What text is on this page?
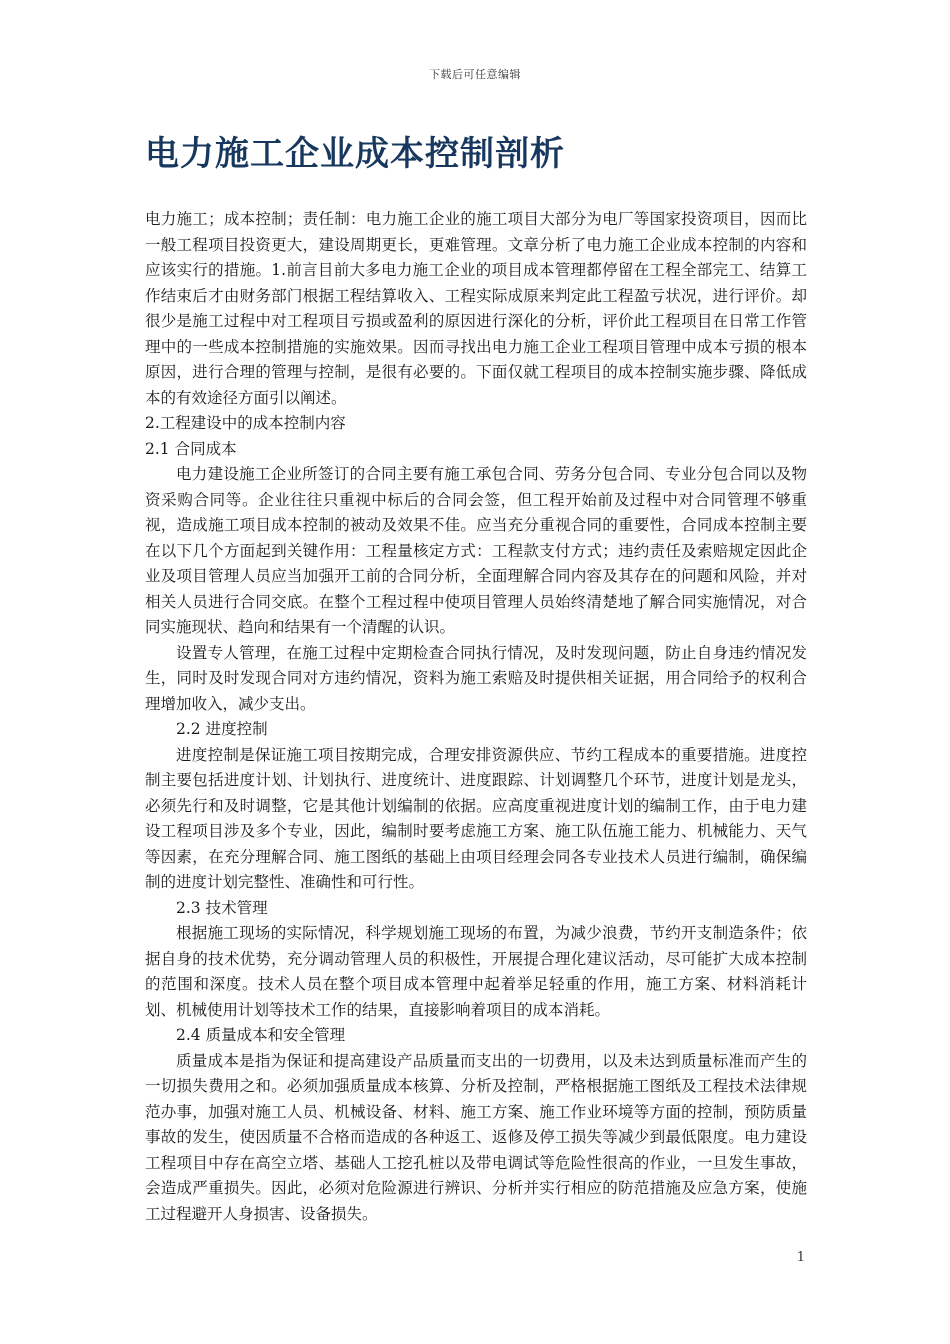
下载后可任意编辑
电力施工企业成本控制剖析

电力施工；成本控制；责任制：电力施工企业的施工项目大部分为电厂等国家投资项目，因而比一般工程项目投资更大，建设周期更长，更难管理。文章分析了电力施工企业成本控制的内容和应该实行的措施。1.前言目前大多电力施工企业的项目成本管理都停留在工程全部完工、结算工作结束后才由财务部门根据工程结算收入、工程实际成原来判定此工程盈亏状况，进行评价。却很少是施工过程中对工程项目亏损或盈利的原因进行深化的分析，评价此工程项目在日常工作管理中的一些成本控制措施的实施效果。因而寻找出电力施工企业工程项目管理中成本亏损的根本原因，进行合理的管理与控制，是很有必要的。下面仅就工程项目的成本控制实施步骤、降低成本的有效途径方面引以阐述。

2.工程建设中的成本控制内容

2.1 合同成本

电力建设施工企业所签订的合同主要有施工承包合同、劳务分包合同、专业分包合同以及物资采购合同等。企业往往只重视中标后的合同会签，但工程开始前及过程中对合同管理不够重视，造成施工项目成本控制的被动及效果不佳。应当充分重视合同的重要性，合同成本控制主要在以下几个方面起到关键作用：工程量核定方式：工程款支付方式；违约责任及索赔规定因此企业及项目管理人员应当加强开工前的合同分析，全面理解合同内容及其存在的问题和风险，并对相关人员进行合同交底。在整个工程过程中使项目管理人员始终清楚地了解合同实施情况，对合同实施现状、趋向和结果有一个清醒的认识。

设置专人管理，在施工过程中定期检查合同执行情况，及时发现问题，防止自身违约情况发生，同时及时发现合同对方违约情况，资料为施工索赔及时提供相关证据，用合同给予的权利合理增加收入，减少支出。

2.2 进度控制

进度控制是保证施工项目按期完成，合理安排资源供应、节约工程成本的重要措施。进度控制主要包括进度计划、计划执行、进度统计、进度跟踪、计划调整几个环节，进度计划是龙头，必须先行和及时调整，它是其他计划编制的依据。应高度重视进度计划的编制工作，由于电力建设工程项目涉及多个专业，因此，编制时要考虑施工方案、施工队伍施工能力、机械能力、天气等因素，在充分理解合同、施工图纸的基础上由项目经理会同各专业技术人员进行编制，确保编制的进度计划完整性、准确性和可行性。

2.3 技术管理

根据施工现场的实际情况，科学规划施工现场的布置，为减少浪费，节约开支制造条件；依据自身的技术优势，充分调动管理人员的积极性，开展提合理化建议活动，尽可能扩大成本控制的范围和深度。技术人员在整个项目成本管理中起着举足轻重的作用，施工方案、材料消耗计划、机械使用计划等技术工作的结果，直接影响着项目的成本消耗。

2.4 质量成本和安全管理

质量成本是指为保证和提高建设产品质量而支出的一切费用，以及未达到质量标准而产生的一切损失费用之和。必须加强质量成本核算、分析及控制，严格根据施工图纸及工程技术法律规范办事，加强对施工人员、机械设备、材料、施工方案、施工作业环境等方面的控制，预防质量事故的发生，使因质量不合格而造成的各种返工、返修及停工损失等减少到最低限度。电力建设工程项目中存在高空立塔、基础人工挖孔桩以及带电调试等危险性很高的作业，一旦发生事故，会造成严重损失。因此，必须对危险源进行辨识、分析并实行相应的防范措施及应急方案，使施工过程避开人身损害、设备损失。

1
